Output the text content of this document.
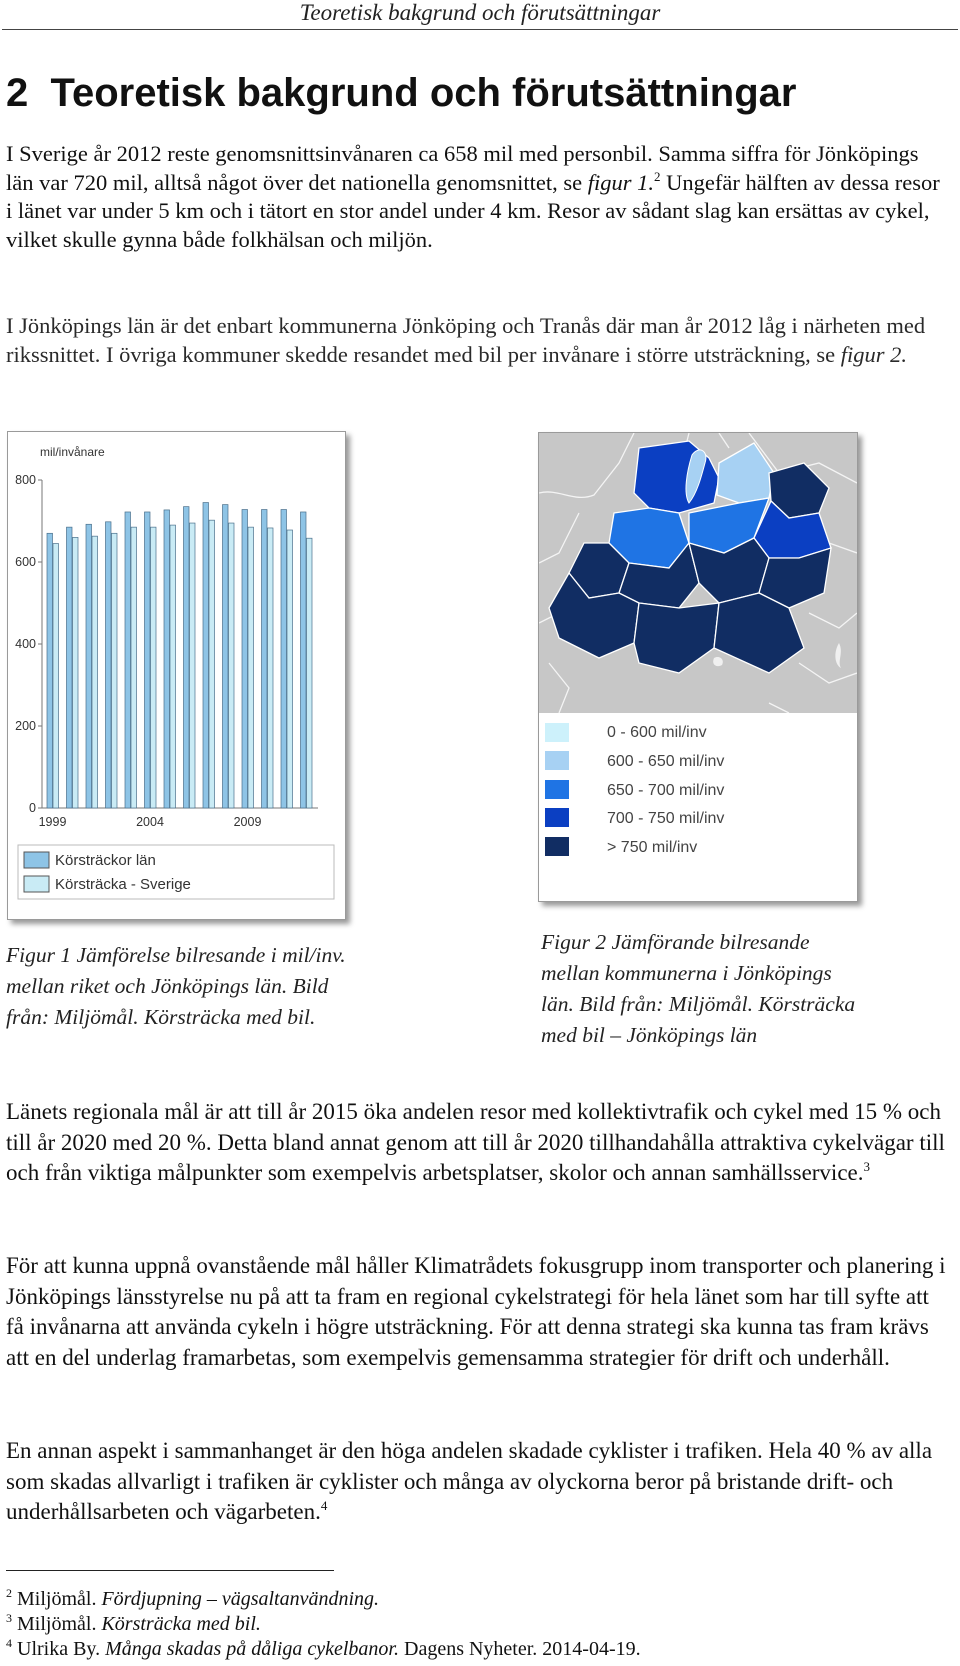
Teoretisk bakgrund och förutsättningar
2 Teoretisk bakgrund och förutsättningar
I Sverige år 2012 reste genomsnittsinvånaren ca 658 mil med personbil. Samma siffra för Jönköpings län var 720 mil, alltså något över det nationella genomsnittet, se figur 1.$^2$ Ungefär hälften av dessa resor i länet var under 5 km och i tätort en stor andel under 4 km. Resor av sådant slag kan ersättas av cykel, vilket skulle gynna både folkhälsan och miljön.
I Jönköpings län är det enbart kommunerna Jönköping och Tranås där man år 2012 låg i närheten med rikssnittet. I övriga kommuner skedde resandet med bil per invånare i större utsträckning, se figur 2.
mil/invånare
800
600
400
200
0
1999	2004	2009
Körsträckor län
Körsträcka - Sverige
0 - 600 mil/inv
600 - 650 mil/inv
650 - 700 mil/inv
700 - 750 mil/inv
> 750 mil/inv
Figur 1 Jämförelse bilresande i mil/inv. mellan riket och Jönköpings län. Bild från: Miljömål. Körsträcka med bil.
Figur 2 Jämförande bilresande mellan kommunerna i Jönköpings län. Bild från: Miljömål. Körsträcka med bil – Jönköpings län
Länets regionala mål är att till år 2015 öka andelen resor med kollektivtrafik och cykel med 15 % och till år 2020 med 20 %. Detta bland annat genom att till år 2020 tillhandahålla attraktiva cykelvägar till och från viktiga målpunkter som exempelvis arbetsplatser, skolor och annan samhällsservice.$^3$
För att kunna uppnå ovanstående mål håller Klimatrådets fokusgrupp inom transporter och planering i Jönköpings länsstyrelse nu på att ta fram en regional cykelstrategi för hela länet som har till syfte att få invånarna att använda cykeln i högre utsträckning. För att denna strategi ska kunna tas fram krävs att en del underlag framarbetas, som exempelvis gemensamma strategier för drift och underhåll.
En annan aspekt i sammanhanget är den höga andelen skadade cyklister i trafiken. Hela 40 % av alla som skadas allvarligt i trafiken är cyklister och många av olyckorna beror på bristande drift- och underhållsarbeten och vägarbeten.$^4$
$^2$ Miljömål. Fördjupning – vägsaltanvändning.
$^3$ Miljömål. Körsträcka med bil.
$^4$ Ulrika By. Många skadas på dåliga cykelbanor. Dagens Nyheter. 2014-04-19.
